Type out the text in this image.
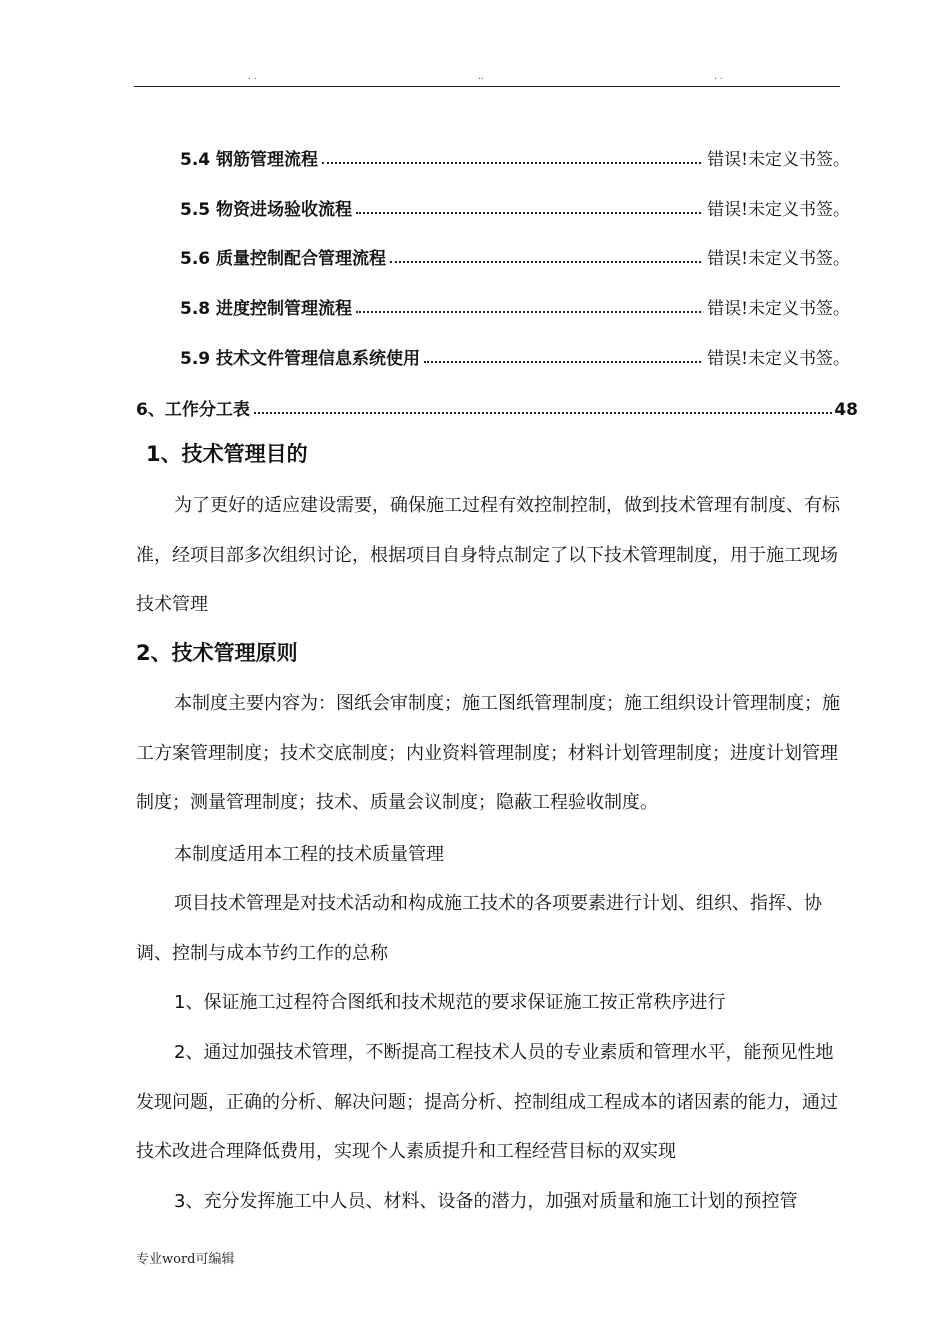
. .	..	. .
5.4 钢筋管理流程	错误!未定义书签。
5.5 物资进场验收流程	错误!未定义书签。
5.6 质量控制配合管理流程	错误!未定义书签。
5.8 进度控制管理流程	错误!未定义书签。
5.9 技术文件管理信息系统使用	错误!未定义书签。
6、工作分工表	48
1、技术管理目的
为了更好的适应建设需要，确保施工过程有效控制控制，做到技术管理有制度、有标准，经项目部多次组织讨论，根据项目自身特点制定了以下技术管理制度，用于施工现场技术管理
2、技术管理原则
本制度主要内容为：图纸会审制度；施工图纸管理制度；施工组织设计管理制度；施工方案管理制度；技术交底制度；内业资料管理制度；材料计划管理制度；进度计划管理制度；测量管理制度；技术、质量会议制度；隐蔽工程验收制度。
本制度适用本工程的技术质量管理
项目技术管理是对技术活动和构成施工技术的各项要素进行计划、组织、指挥、协调、控制与成本节约工作的总称
1、保证施工过程符合图纸和技术规范的要求保证施工按正常秩序进行
2、通过加强技术管理，不断提高工程技术人员的专业素质和管理水平，能预见性地发现问题，正确的分析、解决问题；提高分析、控制组成工程成本的诸因素的能力，通过技术改进合理降低费用，实现个人素质提升和工程经营目标的双实现
3、充分发挥施工中人员、材料、设备的潜力，加强对质量和施工计划的预控管
专业word可编辑
